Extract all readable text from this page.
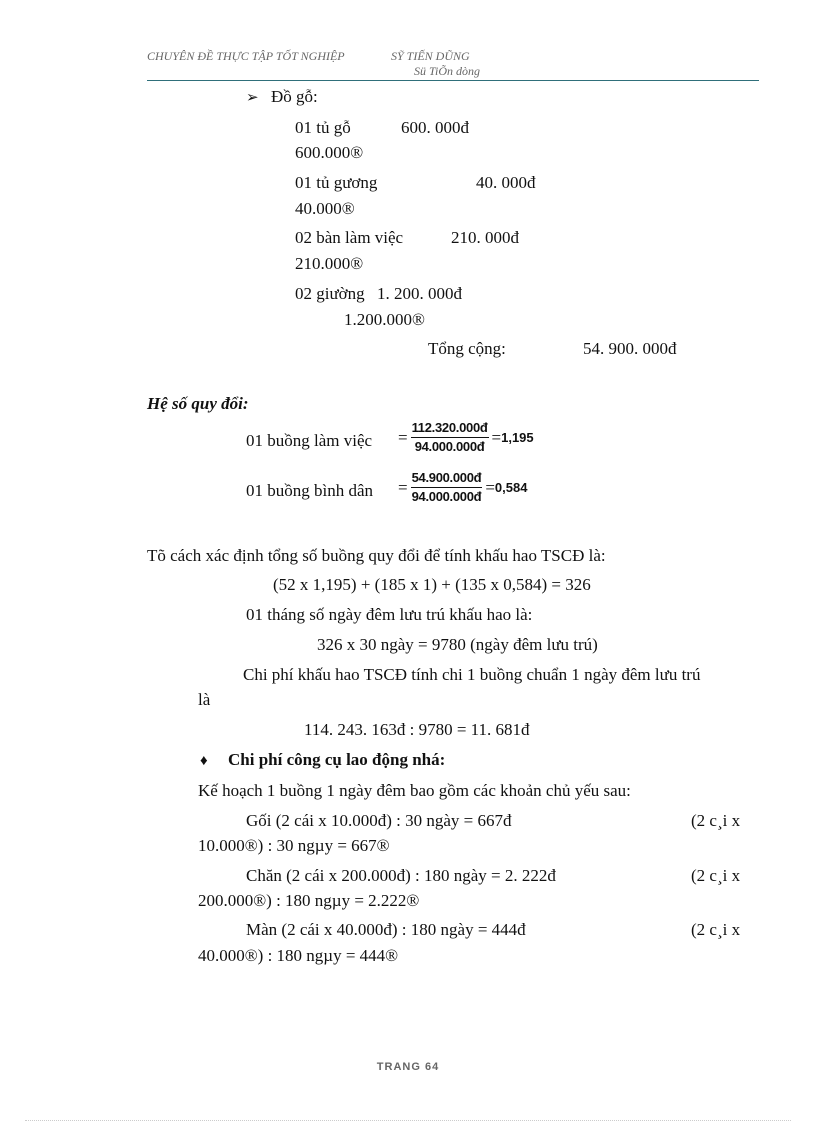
CHUYÊN ĐỀ THỰC TẬP TỐT NGHIỆP	SỸ TIẾN DŨNG
Sü TiÕn dòng
➢ Đồ gỗ:
01 tủ gỗ	600. 000đ
600.000®
01 tủ gương	40. 000đ
40.000®
02 bàn làm việc	210. 000đ
210.000®
02 giường 1. 200. 000đ
1.200.000®
Tổng cộng:	54. 900. 000đ
Hệ số quy đổi:
01 buồng làm việc = $\frac{112.320.000đ}{94.000.000đ} = 1,195$
01 buồng bình dân = $\frac{54.900.000đ}{94.000.000đ} = 0,584$
Tõ cách xác định tổng số buồng quy đổi để tính khấu hao TSCĐ là:
(52 x 1,195) + (185 x 1) + (135 x 0,584) = 326
01 tháng số ngày đêm lưu trú khấu hao là:
326 x 30 ngày = 9780 (ngày đêm lưu trú)
Chi phí khấu hao TSCĐ tính chi 1 buồng chuẩn 1 ngày đêm lưu trú
là
114. 243. 163đ : 9780 = 11. 681đ
♦ Chi phí công cụ lao động nhá:
Kế hoạch 1 buồng 1 ngày đêm bao gồm các khoản chủ yếu sau:
Gối (2 cái x 10.000đ) : 30 ngày = 667đ	(2 c¸i x
10.000®) : 30 ngµy = 667®
Chăn (2 cái x 200.000đ) : 180 ngày = 2. 222đ	(2 c¸i x
200.000®) : 180 ngµy = 2.222®
Màn (2 cái x 40.000đ) : 180 ngày = 444đ	(2 c¸i x
40.000®) : 180 ngµy = 444®
TRANG 64
